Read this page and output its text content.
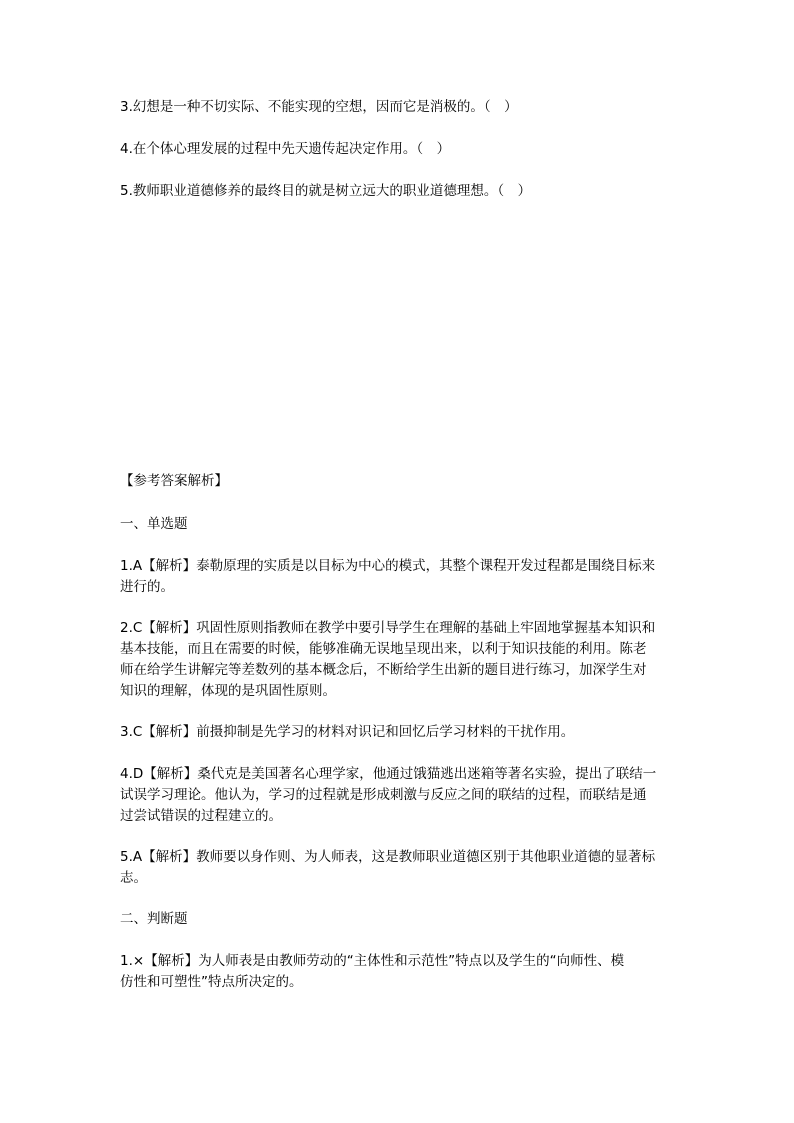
3.幻想是一种不切实际、不能实现的空想，因而它是消极的。（　）

4.在个体心理发展的过程中先天遗传起决定作用。（　）

5.教师职业道德修养的最终目的就是树立远大的职业道德理想。（　）

【参考答案解析】

一、单选题

1.A【解析】泰勒原理的实质是以目标为中心的模式，其整个课程开发过程都是围绕目标来
进行的。
2.C【解析】巩固性原则指教师在教学中要引导学生在理解的基础上牢固地掌握基本知识和
基本技能，而且在需要的时候，能够准确无误地呈现出来，以利于知识技能的利用。陈老
师在给学生讲解完等差数列的基本概念后，不断给学生出新的题目进行练习，加深学生对
知识的理解，体现的是巩固性原则。
3.C【解析】前摄抑制是先学习的材料对识记和回忆后学习材料的干扰作用。
4.D【解析】桑代克是美国著名心理学家，他通过饿猫逃出迷箱等著名实验，提出了联结一
试误学习理论。他认为，学习的过程就是形成刺激与反应之间的联结的过程，而联结是通
过尝试错误的过程建立的。
5.A【解析】教师要以身作则、为人师表，这是教师职业道德区别于其他职业道德的显著标
志。

二、判断题

1.×【解析】为人师表是由教师劳动的“主体性和示范性”特点以及学生的“向师性、模
仿性和可塑性”特点所决定的。
